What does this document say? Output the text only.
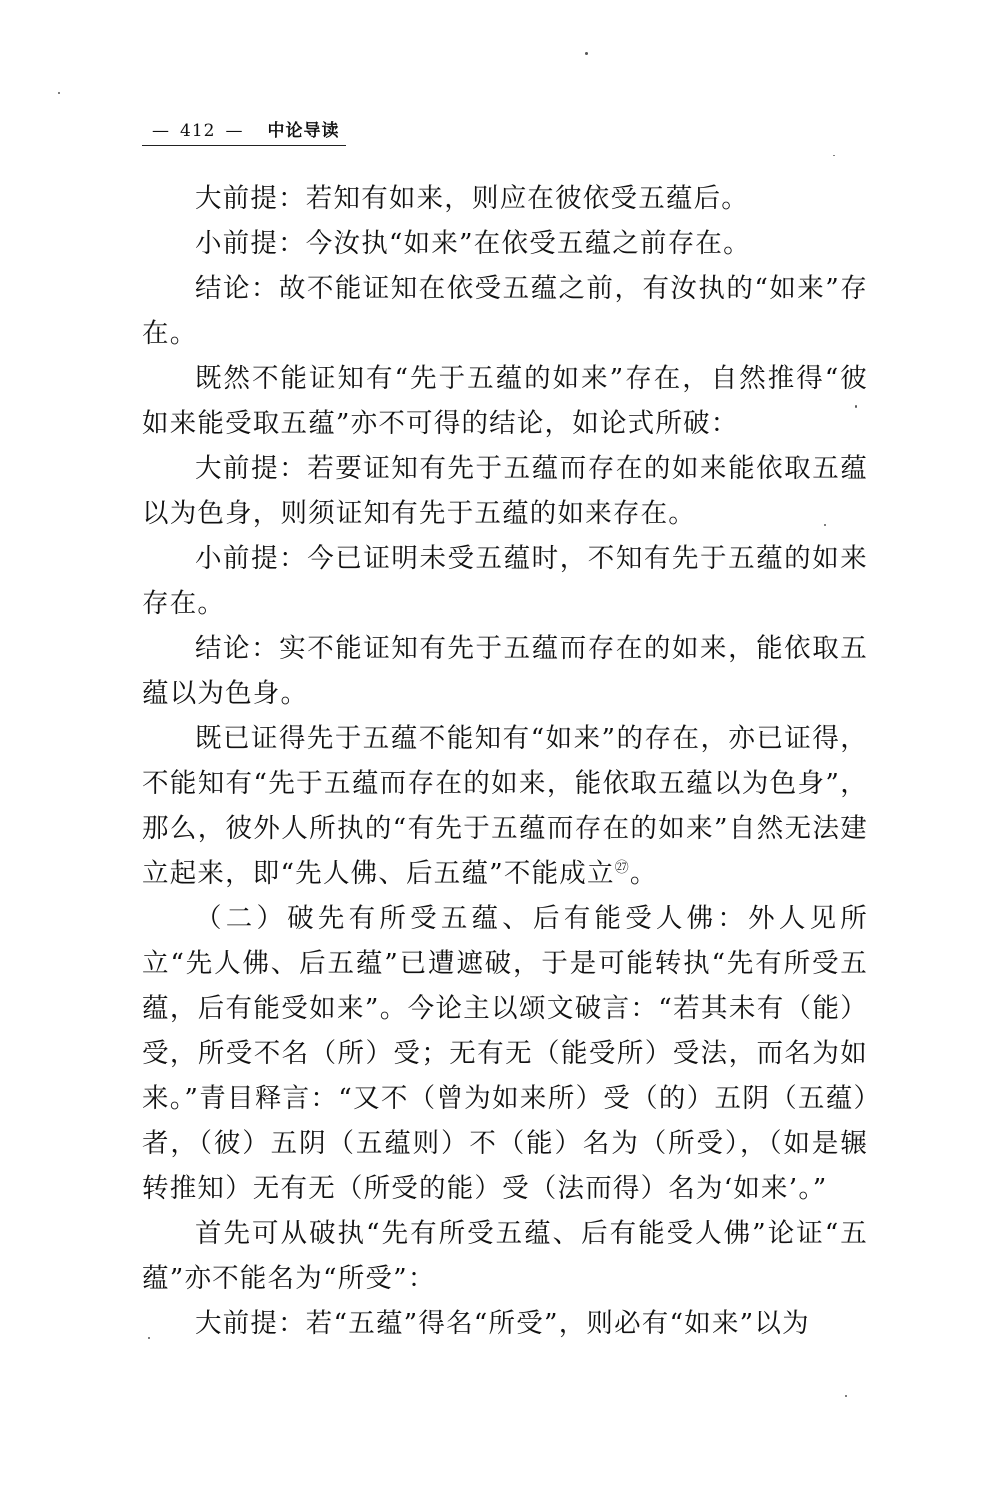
— 412 — 中论导读

大前提：若知有如来，则应在彼依受五蕴后。

小前提：今汝执“如来”在依受五蕴之前存在。

结论：故不能证知在依受五蕴之前，有汝执的“如来”存在。

既然不能证知有“先于五蕴的如来”存在，自然推得“彼如来能受取五蕴”亦不可得的结论，如论式所破：

大前提：若要证知有先于五蕴而存在的如来能依取五蕴以为色身，则须证知有先于五蕴的如来存在。

小前提：今已证明未受五蕴时，不知有先于五蕴的如来存在。

结论：实不能证知有先于五蕴而存在的如来，能依取五蕴以为色身。

既已证得先于五蕴不能知有“如来”的存在，亦已证得，不能知有“先于五蕴而存在的如来，能依取五蕴以为色身”，那么，彼外人所执的“有先于五蕴而存在的如来”自然无法建立起来，即“先人佛、后五蕴”不能成立$^㉗$。

（二）破先有所受五蕴、后有能受人佛：外人见所立“先人佛、后五蕴”已遭遮破，于是可能转执“先有所受五蕴，后有能受如来”。今论主以颂文破言：“若其未有（能）受，所受不名（所）受；无有无（能受所）受法，而名为如来。”青目释言：“又不（曾为如来所）受（的）五阴（五蕴）者，（彼）五阴（五蕴则）不（能）名为（所受），（如是辗转推知）无有无（所受的能）受（法而得）名为‘如来’。”

首先可从破执“先有所受五蕴、后有能受人佛”论证“五蕴”亦不能名为“所受”：

大前提：若“五蕴”得名“所受”，则必有“如来”以为
